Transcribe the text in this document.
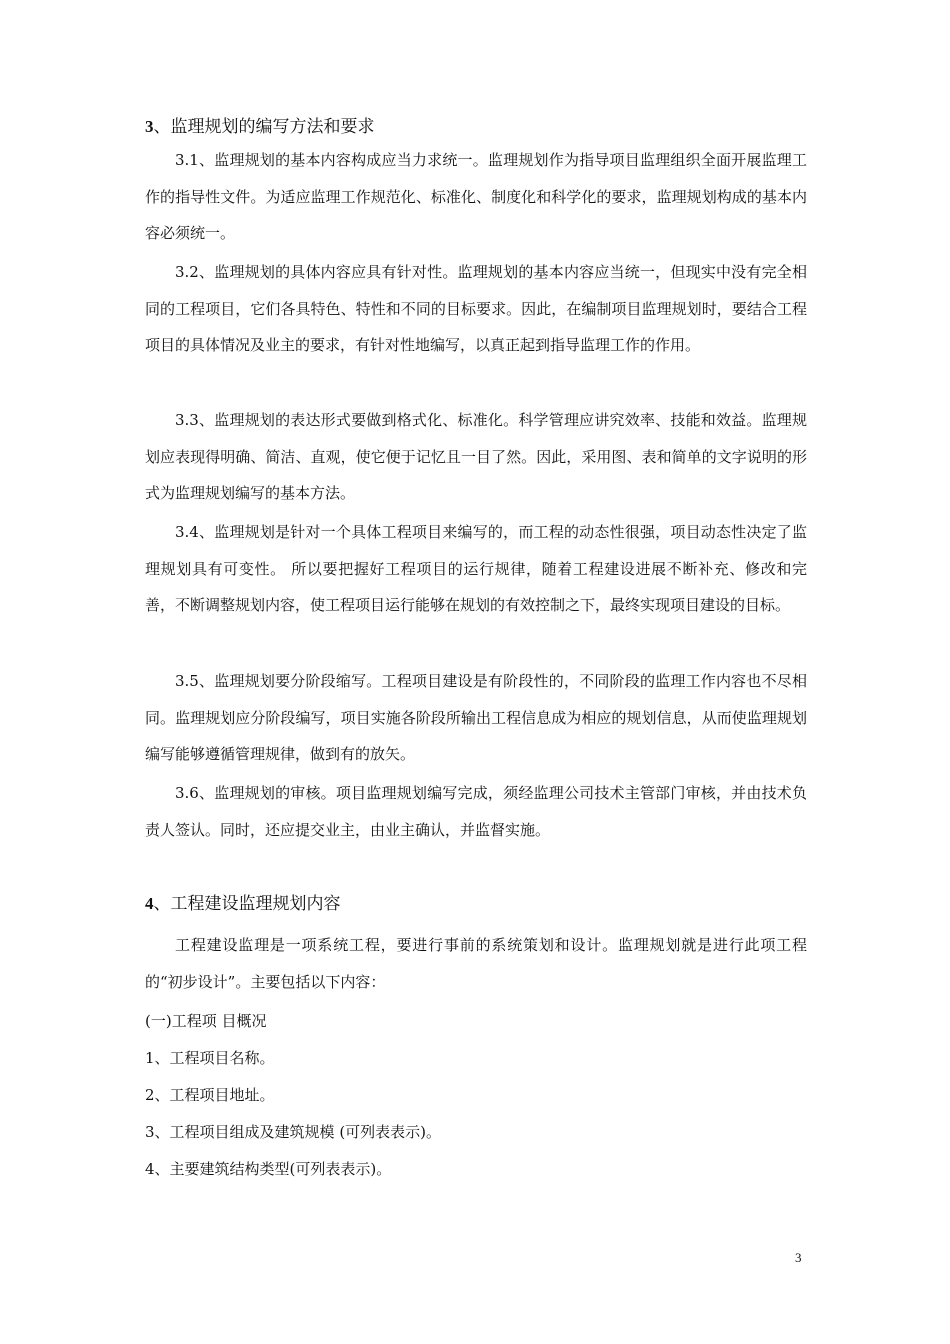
3、监理规划的编写方法和要求
3.1、监理规划的基本内容构成应当力求统一。监理规划作为指导项目监理组织全面开展监理工作的指导性文件。为适应监理工作规范化、标准化、制度化和科学化的要求，监理规划构成的基本内容必须统一。
3.2、监理规划的具体内容应具有针对性。监理规划的基本内容应当统一，但现实中没有完全相同的工程项目，它们各具特色、特性和不同的目标要求。因此，在编制项目监理规划时，要结合工程项目的具体情况及业主的要求，有针对性地编写，以真正起到指导监理工作的作用。
3.3、监理规划的表达形式要做到格式化、标准化。科学管理应讲究效率、技能和效益。监理规划应表现得明确、简洁、直观，使它便于记忆且一目了然。因此，采用图、表和简单的文字说明的形式为监理规划编写的基本方法。
3.4、监理规划是针对一个具体工程项目来编写的，而工程的动态性很强，项目动态性决定了监理规划具有可变性。 所以要把握好工程项目的运行规律，随着工程建设进展不断补充、修改和完善，不断调整规划内容，使工程项目运行能够在规划的有效控制之下，最终实现项目建设的目标。
3.5、监理规划要分阶段缩写。工程项目建设是有阶段性的，不同阶段的监理工作内容也不尽相同。监理规划应分阶段编写，项目实施各阶段所输出工程信息成为相应的规划信息，从而使监理规划编写能够遵循管理规律，做到有的放矢。
3.6、监理规划的审核。项目监理规划编写完成，须经监理公司技术主管部门审核，并由技术负责人签认。同时，还应提交业主，由业主确认，并监督实施。
4、工程建设监理规划内容
工程建设监理是一项系统工程，要进行事前的系统策划和设计。监理规划就是进行此项工程的“初步设计”。主要包括以下内容：
(一)工程项 目概况
1、工程项目名称。
2、工程项目地址。
3、工程项目组成及建筑规模 (可列表表示)。
4、主要建筑结构类型(可列表表示)。
3
